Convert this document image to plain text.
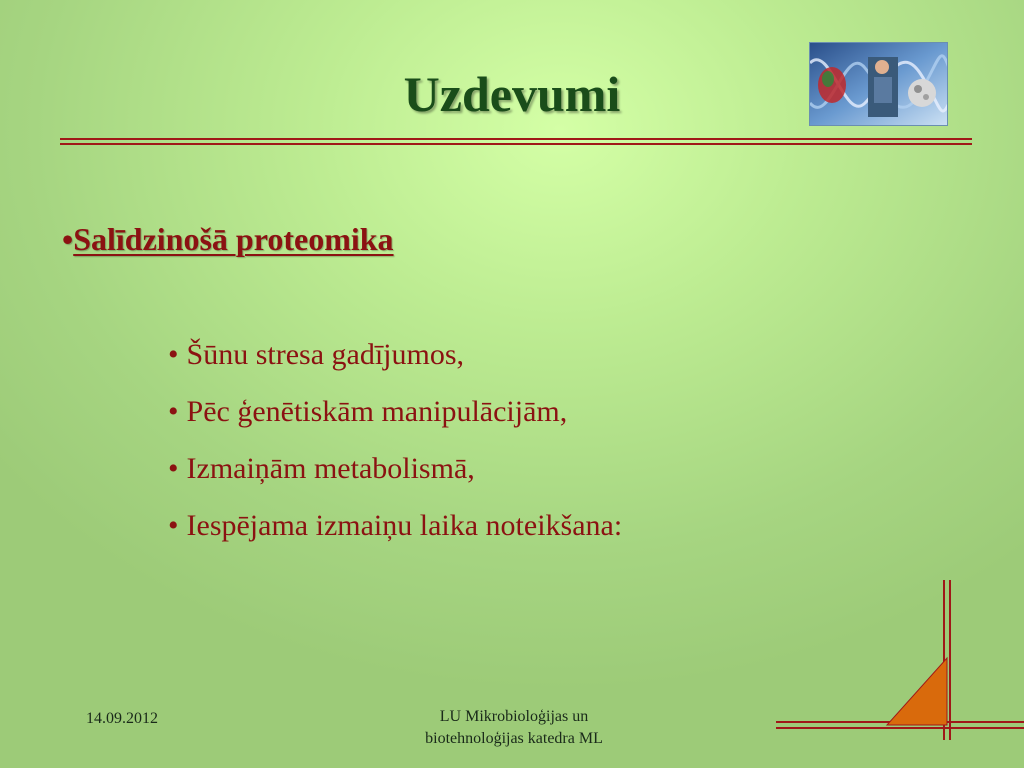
Uzdevumi
•Salīdzinošā proteomika
• Šūnu stresa gadījumos,
• Pēc ģenētiskām manipulācijām,
• Izmaiņām metabolismā,
• Iespējama izmaiņu laika noteikšana:
14.09.2012	LU Mikrobioloģijas un
biotehnoloģijas katedra ML
